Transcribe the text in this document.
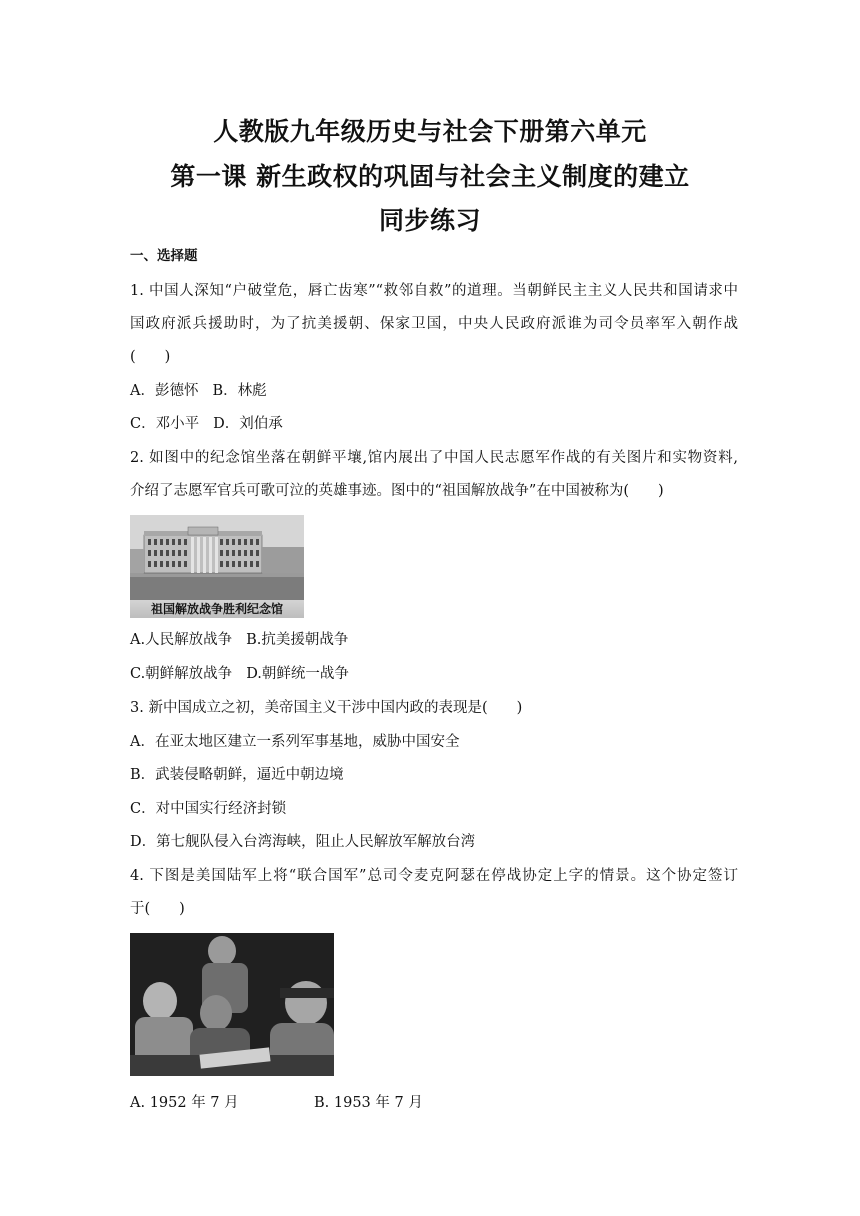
人教版九年级历史与社会下册第六单元
第一课 新生政权的巩固与社会主义制度的建立
同步练习
一、选择题
1. 中国人深知“户破堂危，唇亡齿寒”“救邻自救”的道理。当朝鲜民主主义人民共和国请求中
国政府派兵援助时，为了抗美援朝、保家卫国，中央人民政府派谁为司令员率军入朝作战
(　　)
A．彭德怀 B．林彪
C．邓小平 D．刘伯承
2. 如图中的纪念馆坐落在朝鲜平壤,馆内展出了中国人民志愿军作战的有关图片和实物资料,
介绍了志愿军官兵可歌可泣的英雄事迹。图中的“祖国解放战争”在中国被称为(　　)
祖国解放战争胜利纪念馆
A.人民解放战争 B.抗美援朝战争
C.朝鲜解放战争 D.朝鲜统一战争
3. 新中国成立之初，美帝国主义干涉中国内政的表现是(　　)
A．在亚太地区建立一系列军事基地，威胁中国安全
B．武装侵略朝鲜，逼近中朝边境
C．对中国实行经济封锁
D．第七舰队侵入台湾海峡，阻止人民解放军解放台湾
4. 下图是美国陆军上将“联合国军”总司令麦克阿瑟在停战协定上字的情景。这个协定签订
于(　　)
A. 1952 年 7 月	B. 1953 年 7 月
